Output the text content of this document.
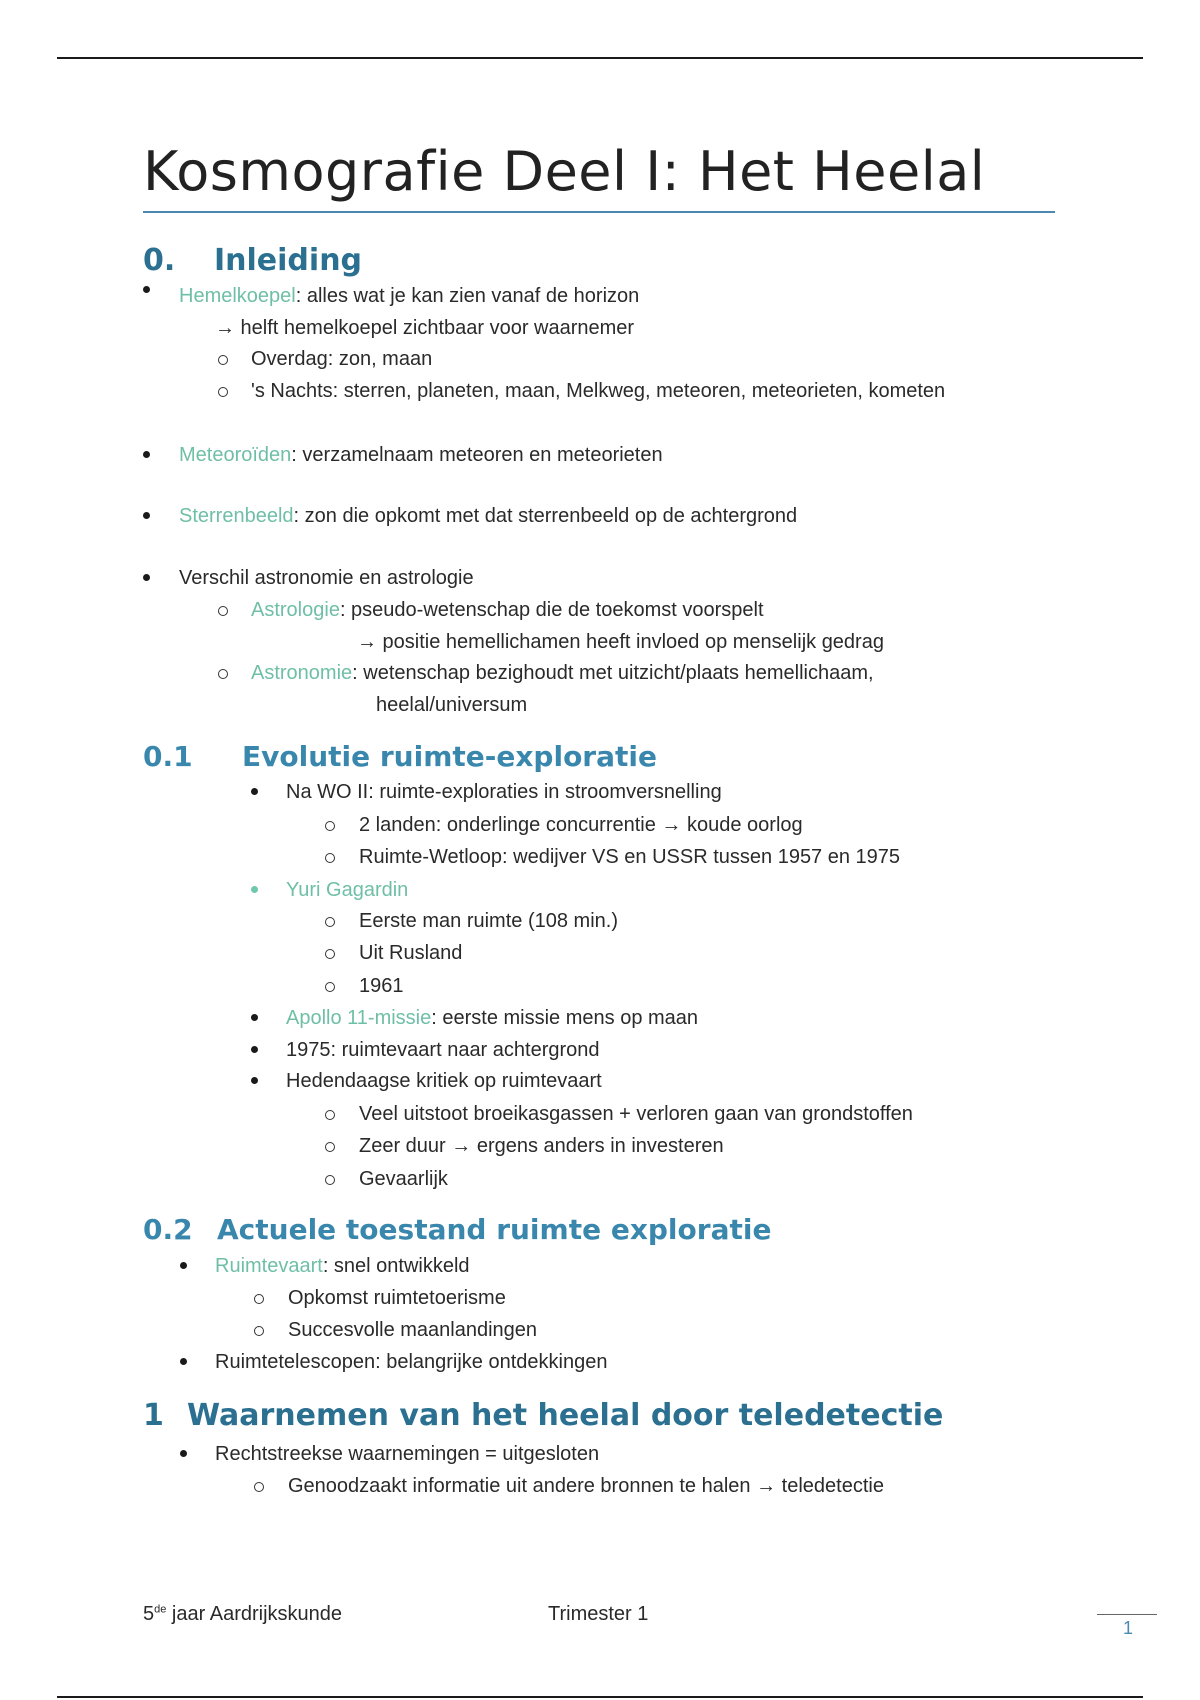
Kosmografie Deel I: Het Heelal
0. Inleiding
Hemelkoepel: alles wat je kan zien vanaf de horizon
→ helft hemelkoepel zichtbaar voor waarnemer
Overdag: zon, maan
's Nachts: sterren, planeten, maan, Melkweg, meteoren, meteorieten, kometen
Meteoroïden: verzamelnaam meteoren en meteorieten
Sterrenbeeld: zon die opkomt met dat sterrenbeeld op de achtergrond
Verschil astronomie en astrologie
Astrologie: pseudo-wetenschap die de toekomst voorspelt
→ positie hemellichamen heeft invloed op menselijk gedrag
Astronomie: wetenschap bezighoudt met uitzicht/plaats hemellichaam,
heelal/universum
0.1 Evolutie ruimte-exploratie
Na WO II: ruimte-exploraties in stroomversnelling
2 landen: onderlinge concurrentie → koude oorlog
Ruimte-Wetloop: wedijver VS en USSR tussen 1957 en 1975
Yuri Gagardin
Eerste man ruimte (108 min.)
Uit Rusland
1961
Apollo 11-missie: eerste missie mens op maan
1975: ruimtevaart naar achtergrond
Hedendaagse kritiek op ruimtevaart
Veel uitstoot broeikasgassen + verloren gaan van grondstoffen
Zeer duur → ergens anders in investeren
Gevaarlijk
0.2 Actuele toestand ruimte exploratie
Ruimtevaart: snel ontwikkeld
Opkomst ruimtetoerisme
Succesvolle maanlandingen
Ruimtetelescopen: belangrijke ontdekkingen
1 Waarnemen van het heelal door teledetectie
Rechtstreekse waarnemingen = uitgesloten
Genoodzaakt informatie uit andere bronnen te halen → teledetectie
5de jaar Aardrijkskunde	Trimester 1
1
